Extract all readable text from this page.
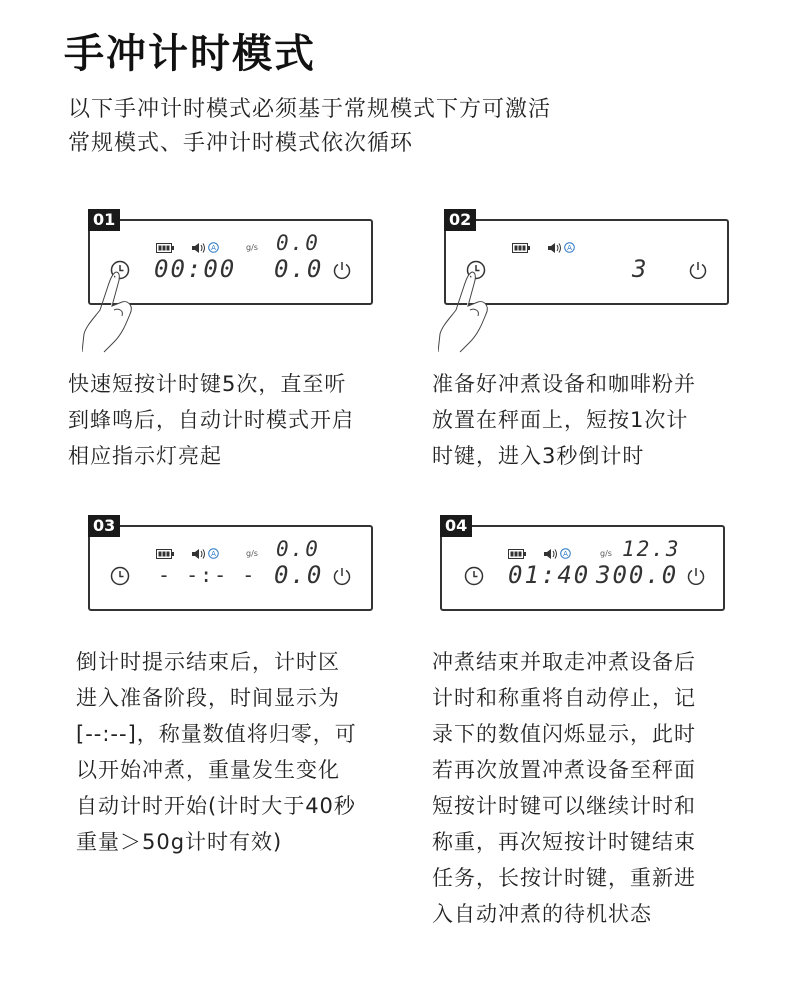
手冲计时模式
以下手冲计时模式必须基于常规模式下方可激活
常规模式、手冲计时模式依次循环
01
A	g/s 0.0
00:00 0.0
快速短按计时键5次，直至听
到蜂鸣后，自动计时模式开启
相应指示灯亮起
02
A
3
准备好冲煮设备和咖啡粉并
放置在秤面上，短按1次计
时键，进入3秒倒计时
03
A	g/s 0.0
- -:- - 0.0
倒计时提示结束后，计时区
进入准备阶段，时间显示为
[--:--]，称量数值将归零，可
以开始冲煮，重量发生变化
自动计时开始(计时大于40秒
重量＞50g计时有效)
04
A	g/s 12.3
01:40 300.0
冲煮结束并取走冲煮设备后
计时和称重将自动停止，记
录下的数值闪烁显示，此时
若再次放置冲煮设备至秤面
短按计时键可以继续计时和
称重，再次短按计时键结束
任务，长按计时键，重新进
入自动冲煮的待机状态
